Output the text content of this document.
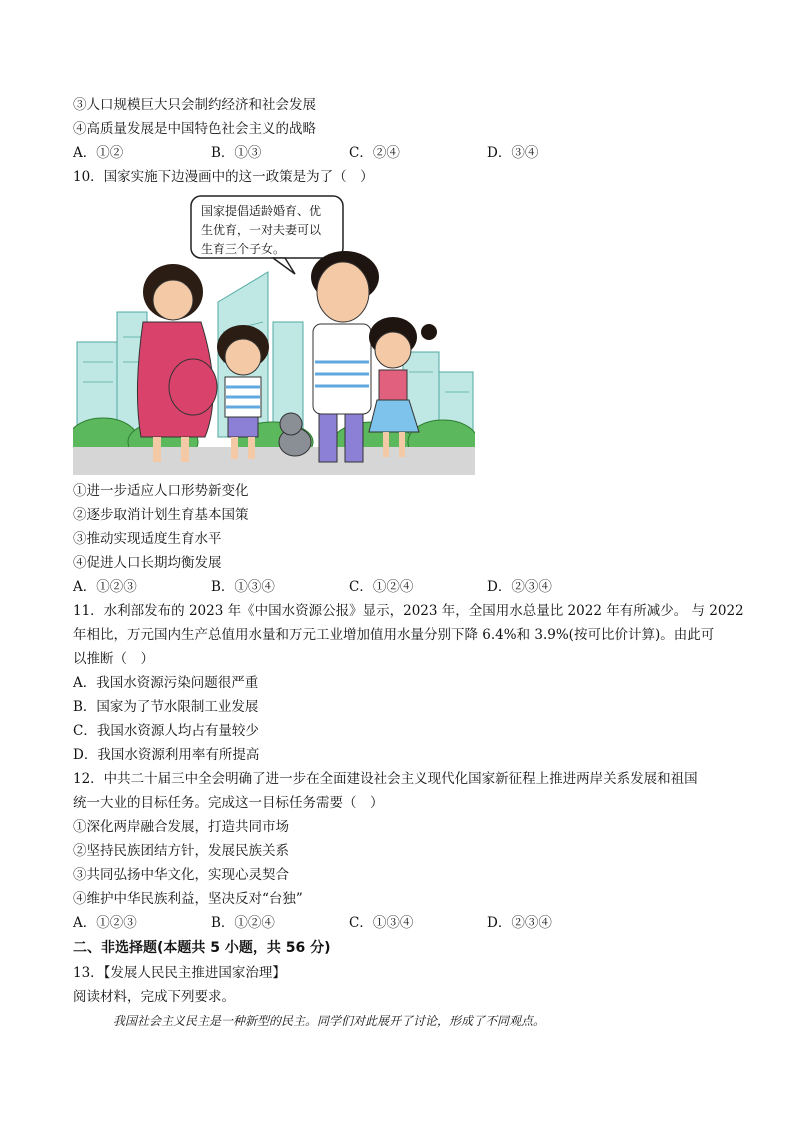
③人口规模巨大只会制约经济和社会发展
④高质量发展是中国特色社会主义的战略
A．①②	B．①③	C．②④	D．③④
10．国家实施下边漫画中的这一政策是为了（　）
国家提倡适龄婚育、优
生优育，一对夫妻可以
生育三个子女。
①进一步适应人口形势新变化
②逐步取消计划生育基本国策
③推动实现适度生育水平
④促进人口长期均衡发展
A．①②③	B．①③④	C．①②④	D．②③④
11．水利部发布的 2023 年《中国水资源公报》显示，2023 年，全国用水总量比 2022 年有所减少。 与 2022
年相比，万元国内生产总值用水量和万元工业增加值用水量分别下降 6.4%和 3.9%(按可比价计算)。由此可
以推断（　）
A．我国水资源污染问题很严重
B．国家为了节水限制工业发展
C．我国水资源人均占有量较少
D．我国水资源利用率有所提高
12．中共二十届三中全会明确了进一步在全面建设社会主义现代化国家新征程上推进两岸关系发展和祖国
统一大业的目标任务。完成这一目标任务需要（　）
①深化两岸融合发展，打造共同市场
②坚持民族团结方针，发展民族关系
③共同弘扬中华文化，实现心灵契合
④维护中华民族利益，坚决反对“台独”
A．①②③	B．①②④	C．①③④	D．②③④
二、非选择题(本题共 5 小题，共 56 分)
13．【发展人民民主推进国家治理】
阅读材料，完成下列要求。
我国社会主义民主是一种新型的民主。同学们对此展开了讨论，形成了不同观点。
